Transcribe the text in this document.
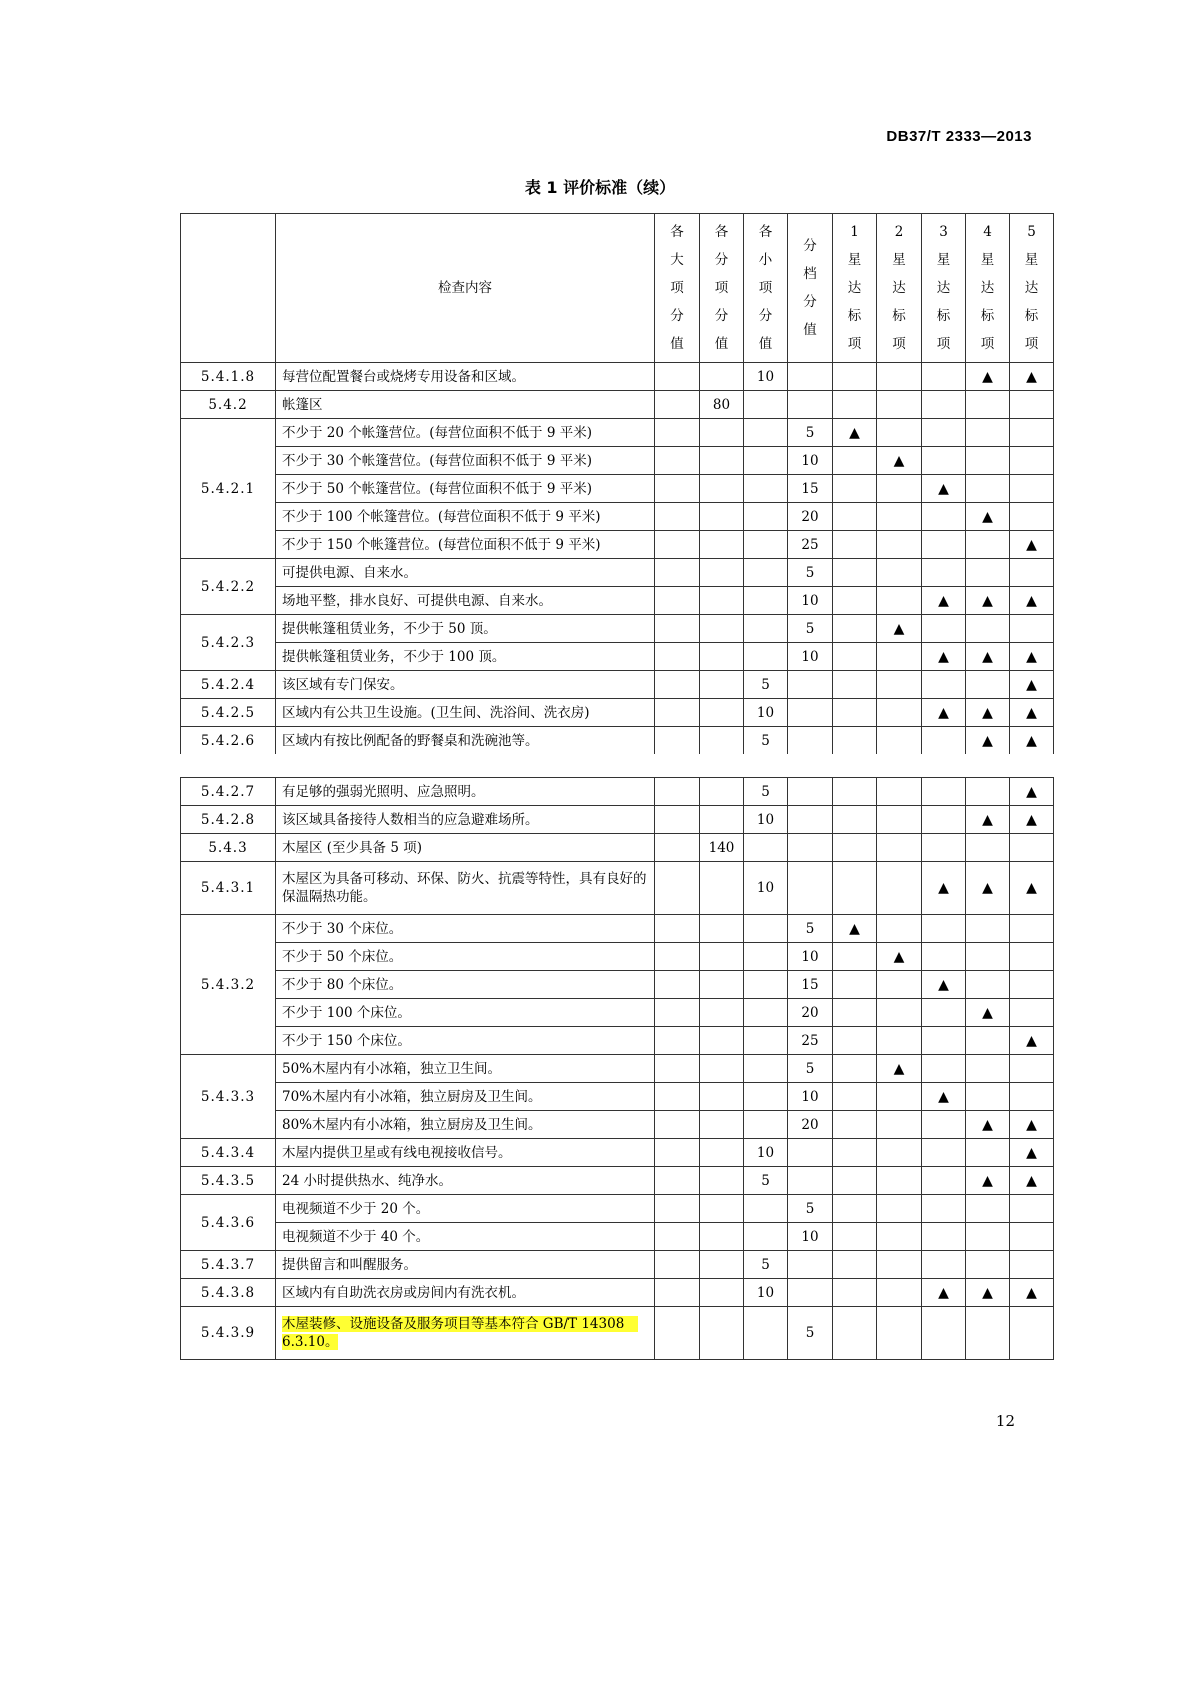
DB37/T 2333—2013
表 1 评价标准（续）
	检查内容	各大项分值	各分项分值	各小项分值	分档分值	1星达标项	2星达标项	3星达标项	4星达标项	5星达标项

5.4.1.8	每营位配置餐台或烧烤专用设备和区域。			10					▲	▲
5.4.2	帐篷区		80							
5.4.2.1	不少于 20 个帐篷营位。(每营位面积不低于 9 平米)				5	▲				
	不少于 30 个帐篷营位。(每营位面积不低于 9 平米)				10		▲			
	不少于 50 个帐篷营位。(每营位面积不低于 9 平米)				15			▲		
	不少于 100 个帐篷营位。(每营位面积不低于 9 平米)				20				▲	
	不少于 150 个帐篷营位。(每营位面积不低于 9 平米)				25					▲
5.4.2.2	可提供电源、自来水。				5					
	场地平整，排水良好、可提供电源、自来水。				10			▲	▲	▲
5.4.2.3	提供帐篷租赁业务，不少于 50 顶。				5		▲			
	提供帐篷租赁业务，不少于 100 顶。				10			▲	▲	▲
5.4.2.4	该区域有专门保安。			5						▲
5.4.2.5	区域内有公共卫生设施。(卫生间、洗浴间、洗衣房)			10				▲	▲	▲
5.4.2.6	区域内有按比例配备的野餐桌和洗碗池等。			5					▲	▲
5.4.2.7	有足够的强弱光照明、应急照明。			5						▲
5.4.2.8	该区域具备接待人数相当的应急避难场所。			10					▲	▲
5.4.3	木屋区 (至少具备 5 项)		140							
5.4.3.1	木屋区为具备可移动、环保、防火、抗震等特性，具有良好的保温隔热功能。			10				▲	▲	▲
5.4.3.2	不少于 30 个床位。				5	▲				
	不少于 50 个床位。				10		▲			
	不少于 80 个床位。				15			▲		
	不少于 100 个床位。				20				▲	
	不少于 150 个床位。				25					▲
5.4.3.3	50%木屋内有小冰箱，独立卫生间。				5		▲			
	70%木屋内有小冰箱，独立厨房及卫生间。				10			▲		
	80%木屋内有小冰箱，独立厨房及卫生间。				20				▲	▲
5.4.3.4	木屋内提供卫星或有线电视接收信号。			10						▲
5.4.3.5	24 小时提供热水、纯净水。			5					▲	▲
5.4.3.6	电视频道不少于 20 个。				5					
	电视频道不少于 40 个。				10					
5.4.3.7	提供留言和叫醒服务。			5						
5.4.3.8	区域内有自助洗衣房或房间内有洗衣机。			10				▲	▲	▲
5.4.3.9	木屋装修、设施设备及服务项目等基本符合 GB/T 14308　6.3.10。				5					
12
